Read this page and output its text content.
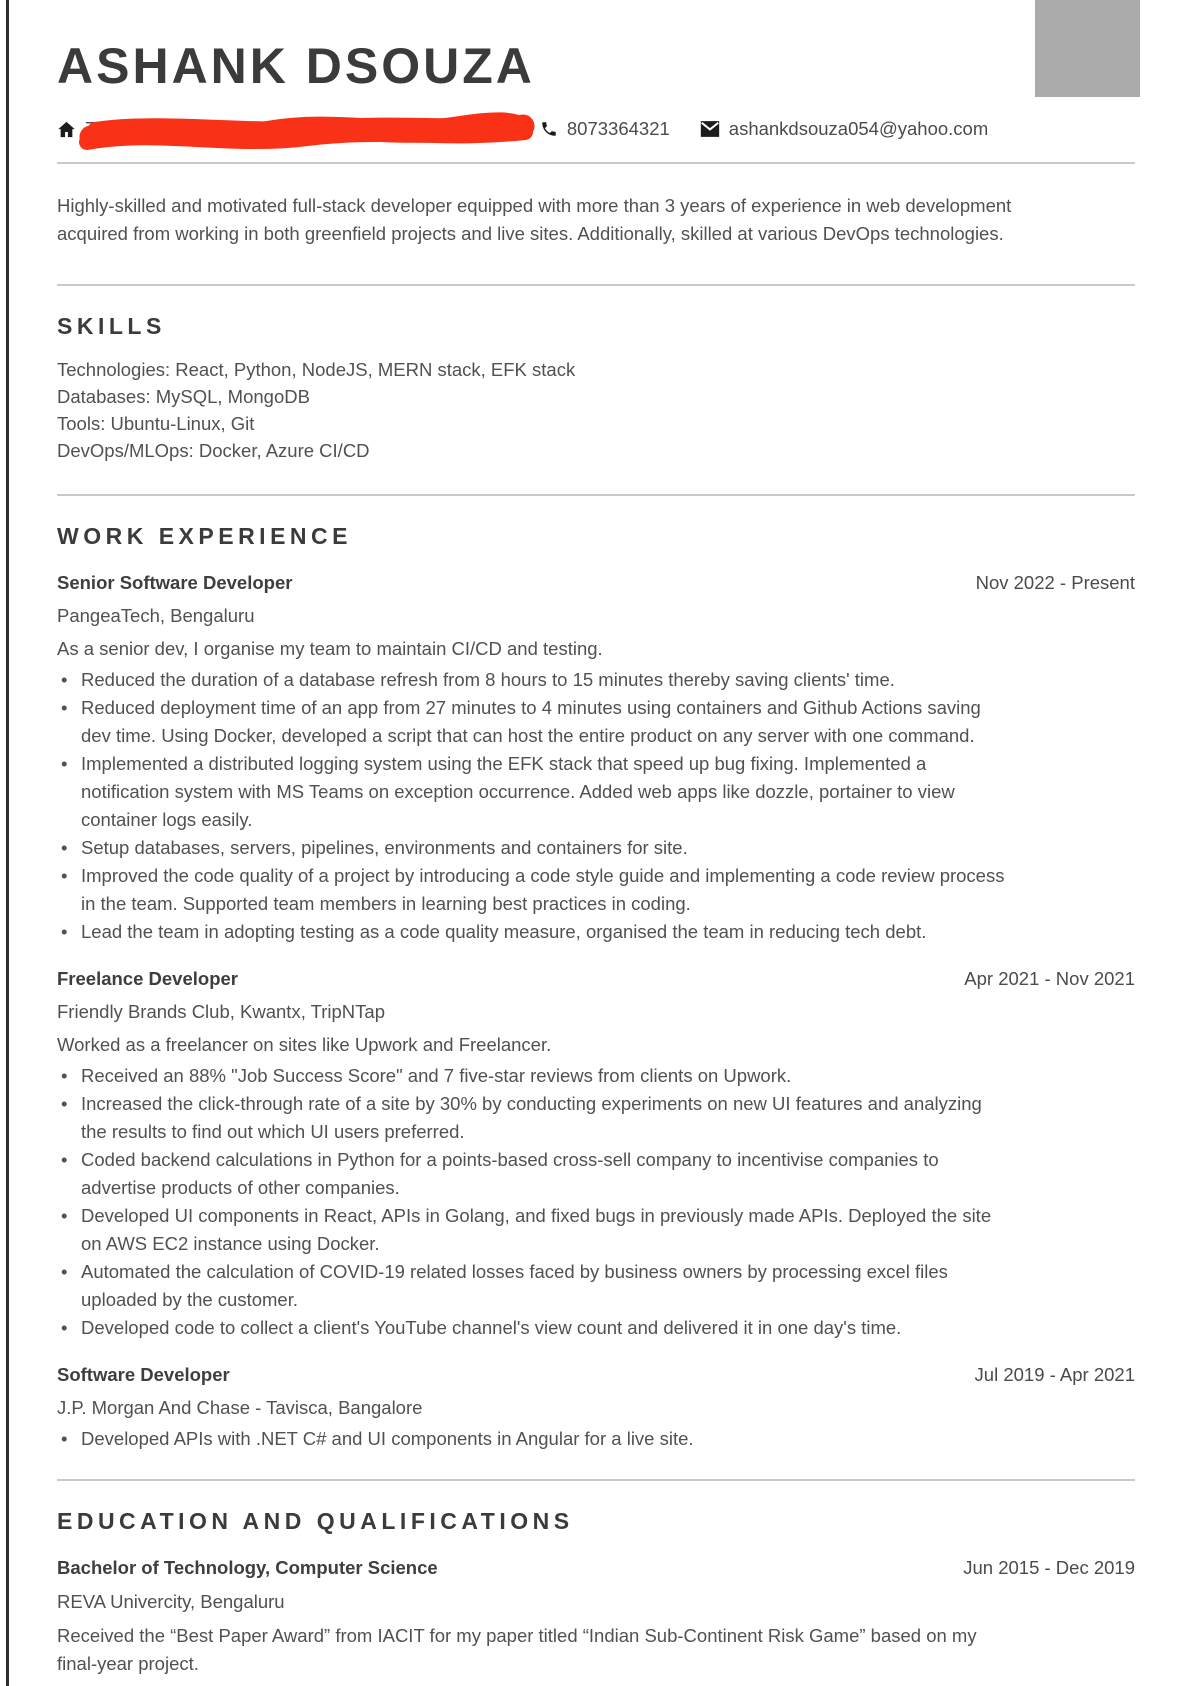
ASHANK DSOUZA
7, 4th Rd, 2nd block, Rajajinagar, 560020 Bengaluru	8073364321	ashankdsouza054@yahoo.com

Highly-skilled and motivated full-stack developer equipped with more than 3 years of experience in web development acquired from working in both greenfield projects and live sites. Additionally, skilled at various DevOps technologies.

SKILLS
Technologies: React, Python, NodeJS, MERN stack, EFK stack
Databases: MySQL, MongoDB
Tools: Ubuntu-Linux, Git
DevOps/MLOps: Docker, Azure CI/CD
WORK EXPERIENCE
Senior Software Developer	Nov 2022 - Present
PangeaTech, Bengaluru
As a senior dev, I organise my team to maintain CI/CD and testing.
• Reduced the duration of a database refresh from 8 hours to 15 minutes thereby saving clients' time.
• Reduced deployment time of an app from 27 minutes to 4 minutes using containers and Github Actions saving dev time. Using Docker, developed a script that can host the entire product on any server with one command.
• Implemented a distributed logging system using the EFK stack that speed up bug fixing. Implemented a notification system with MS Teams on exception occurrence. Added web apps like dozzle, portainer to view container logs easily.
• Setup databases, servers, pipelines, environments and containers for site.
• Improved the code quality of a project by introducing a code style guide and implementing a code review process in the team. Supported team members in learning best practices in coding.
• Lead the team in adopting testing as a code quality measure, organised the team in reducing tech debt.
Freelance Developer	Apr 2021 - Nov 2021
Friendly Brands Club, Kwantx, TripNTap
Worked as a freelancer on sites like Upwork and Freelancer.
• Received an 88% "Job Success Score" and 7 five-star reviews from clients on Upwork.
• Increased the click-through rate of a site by 30% by conducting experiments on new UI features and analyzing the results to find out which UI users preferred.
• Coded backend calculations in Python for a points-based cross-sell company to incentivise companies to advertise products of other companies.
• Developed UI components in React, APIs in Golang, and fixed bugs in previously made APIs. Deployed the site on AWS EC2 instance using Docker.
• Automated the calculation of COVID-19 related losses faced by business owners by processing excel files uploaded by the customer.
• Developed code to collect a client's YouTube channel's view count and delivered it in one day's time.
Software Developer	Jul 2019 - Apr 2021
J.P. Morgan And Chase - Tavisca, Bangalore
• Developed APIs with .NET C# and UI components in Angular for a live site.
EDUCATION AND QUALIFICATIONS
Bachelor of Technology, Computer Science	Jun 2015 - Dec 2019
REVA Univercity, Bengaluru
Received the “Best Paper Award” from IACIT for my paper titled “Indian Sub-Continent Risk Game” based on my final-year project.
